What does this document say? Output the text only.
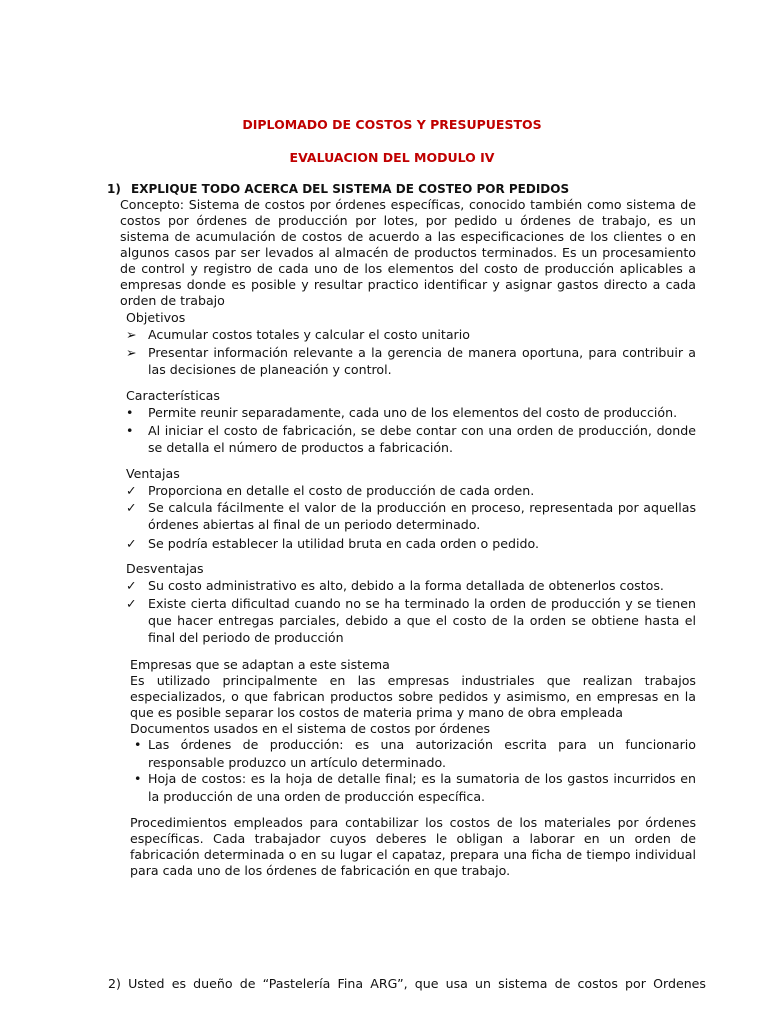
DIPLOMADO DE COSTOS Y PRESUPUESTOS
EVALUACION DEL MODULO IV
1) EXPLIQUE TODO ACERCA DEL SISTEMA DE COSTEO POR PEDIDOS
Concepto: Sistema de costos por órdenes específicas, conocido también como sistema de costos por órdenes de producción por lotes, por pedido u órdenes de trabajo, es un sistema de acumulación de costos de acuerdo a las especificaciones de los clientes o en algunos casos par ser levados al almacén de productos terminados. Es un procesamiento de control y registro de cada uno de los elementos del costo de producción aplicables a empresas donde es posible y resultar practico identificar y asignar gastos directo a cada orden de trabajo
Objetivos
➢ Acumular costos totales y calcular el costo unitario
➢ Presentar información relevante a la gerencia de manera oportuna, para contribuir a las decisiones de planeación y control.
Características
•	Permite reunir separadamente, cada uno de los elementos del costo de producción.
•	Al iniciar el costo de fabricación, se debe contar con una orden de producción, donde se detalla el número de productos a fabricación.
Ventajas
✓ Proporciona en detalle el costo de producción de cada orden.
✓ Se calcula fácilmente el valor de la producción en proceso, representada por aquellas órdenes abiertas al final de un periodo determinado.
✓ Se podría establecer la utilidad bruta en cada orden o pedido.
Desventajas
✓ Su costo administrativo es alto, debido a la forma detallada de obtenerlos costos.
✓ Existe cierta dificultad cuando no se ha terminado la orden de producción y se tienen que hacer entregas parciales, debido a que el costo de la orden se obtiene hasta el final del periodo de producción
Empresas que se adaptan a este sistema
Es utilizado principalmente en las empresas industriales que realizan trabajos especializados, o que fabrican productos sobre pedidos y asimismo, en empresas en la que es posible separar los costos de materia prima y mano de obra empleada
Documentos usados en el sistema de costos por órdenes
• Las órdenes de producción: es una autorización escrita para un funcionario responsable produzco un artículo determinado.
• Hoja de costos: es la hoja de detalle final; es la sumatoria de los gastos incurridos en la producción de una orden de producción específica.
Procedimientos empleados para contabilizar los costos de los materiales por órdenes específicas. Cada trabajador cuyos deberes le obligan a laborar en un orden de fabricación determinada o en su lugar el capataz, prepara una ficha de tiempo individual para cada uno de los órdenes de fabricación en que trabajo.
2) Usted es dueño de “Pastelería Fina ARG”, que usa un sistema de costos por Ordenes
